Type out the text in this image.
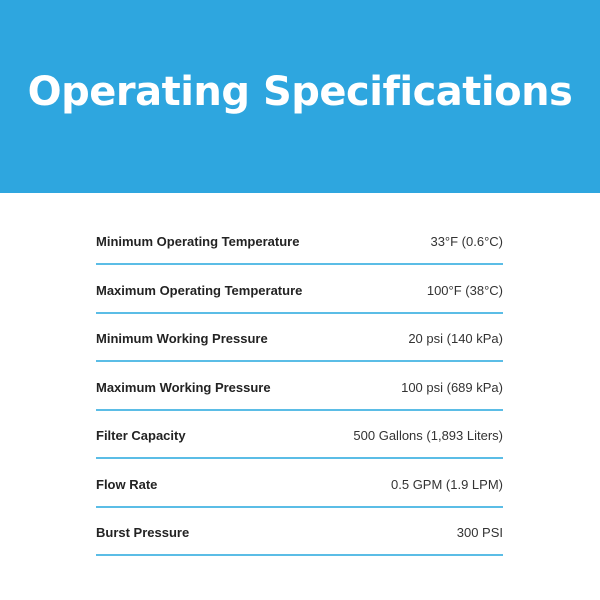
Operating Specifications
Minimum Operating Temperature	33°F (0.6°C)
Maximum Operating Temperature	100°F (38°C)
Minimum Working Pressure	20 psi (140 kPa)
Maximum Working Pressure	100 psi (689 kPa)
Filter Capacity	500 Gallons (1,893 Liters)
Flow Rate	0.5 GPM (1.9 LPM)
Burst Pressure	300 PSI
